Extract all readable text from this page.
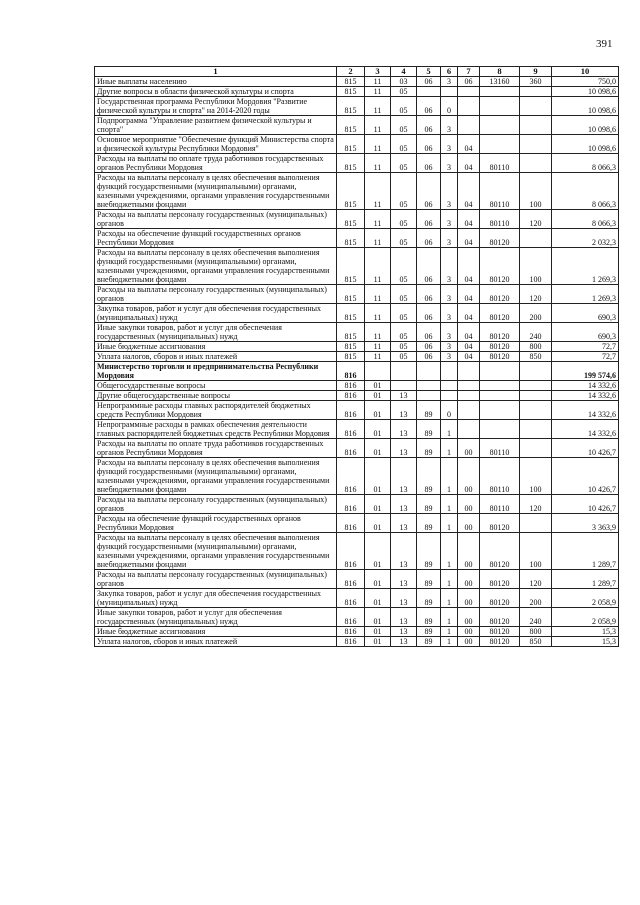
391
1	2	3	4	5	6	7	8	9	10
Иные выплаты населению	815	11	03	06	3	06	13160	360	750,0
Другие вопросы в области физической культуры и спорта	815	11	05						10 098,6
Государственная программа Республики Мордовия "Развитие физической культуры и спорта" на 2014-2020 годы	815	11	05	06	0				10 098,6
Подпрограмма "Управление развитием физической культуры и спорта"	815	11	05	06	3				10 098,6
Основное мероприятие "Обеспечение функций Министерства спорта и физической культуры Республики Мордовия"	815	11	05	06	3	04			10 098,6
Расходы на выплаты по оплате труда работников государственных органов Республики Мордовия	815	11	05	06	3	04	80110		8 066,3
Расходы на выплаты персоналу в целях обеспечения выполнения функций государственными (муниципальными) органами, казенными учреждениями, органами управления государственными внебюджетными фондами	815	11	05	06	3	04	80110	100	8 066,3
Расходы на выплаты персоналу государственных (муниципальных) органов	815	11	05	06	3	04	80110	120	8 066,3
Расходы на обеспечение функций государственных органов Республики Мордовия	815	11	05	06	3	04	80120		2 032,3
Расходы на выплаты персоналу в целях обеспечения выполнения функций государственными (муниципальными) органами, казенными учреждениями, органами управления государственными внебюджетными фондами	815	11	05	06	3	04	80120	100	1 269,3
Расходы на выплаты персоналу государственных (муниципальных) органов	815	11	05	06	3	04	80120	120	1 269,3
Закупка товаров, работ и услуг для обеспечения государственных (муниципальных) нужд	815	11	05	06	3	04	80120	200	690,3
Иные закупки товаров, работ и услуг для обеспечения государственных (муниципальных) нужд	815	11	05	06	3	04	80120	240	690,3
Иные бюджетные ассигнования	815	11	05	06	3	04	80120	800	72,7
Уплата налогов, сборов и иных платежей	815	11	05	06	3	04	80120	850	72,7
Министерство торговли и предпринимательства Республики Мордовия	816								199 574,6
Общегосударственные вопросы	816	01							14 332,6
Другие общегосударственные вопросы	816	01	13						14 332,6
Непрограммные расходы главных распорядителей бюджетных средств Республики Мордовия	816	01	13	89	0				14 332,6
Непрограммные расходы в рамках обеспечения деятельности главных распорядителей бюджетных средств Республики Мордовия	816	01	13	89	1				14 332,6
Расходы на выплаты по оплате труда работников государственных органов Республики Мордовия	816	01	13	89	1	00	80110		10 426,7
Расходы на выплаты персоналу в целях обеспечения выполнения функций государственными (муниципальными) органами, казенными учреждениями, органами управления государственными внебюджетными фондами	816	01	13	89	1	00	80110	100	10 426,7
Расходы на выплаты персоналу государственных (муниципальных) органов	816	01	13	89	1	00	80110	120	10 426,7
Расходы на обеспечение функций государственных органов Республики Мордовия	816	01	13	89	1	00	80120		3 363,9
Расходы на выплаты персоналу в целях обеспечения выполнения функций государственными (муниципальными) органами, казенными учреждениями, органами управления государственными внебюджетными фондами	816	01	13	89	1	00	80120	100	1 289,7
Расходы на выплаты персоналу государственных (муниципальных) органов	816	01	13	89	1	00	80120	120	1 289,7
Закупка товаров, работ и услуг для обеспечения государственных (муниципальных) нужд	816	01	13	89	1	00	80120	200	2 058,9
Иные закупки товаров, работ и услуг для обеспечения государственных (муниципальных) нужд	816	01	13	89	1	00	80120	240	2 058,9
Иные бюджетные ассигнования	816	01	13	89	1	00	80120	800	15,3
Уплата налогов, сборов и иных платежей	816	01	13	89	1	00	80120	850	15,3
